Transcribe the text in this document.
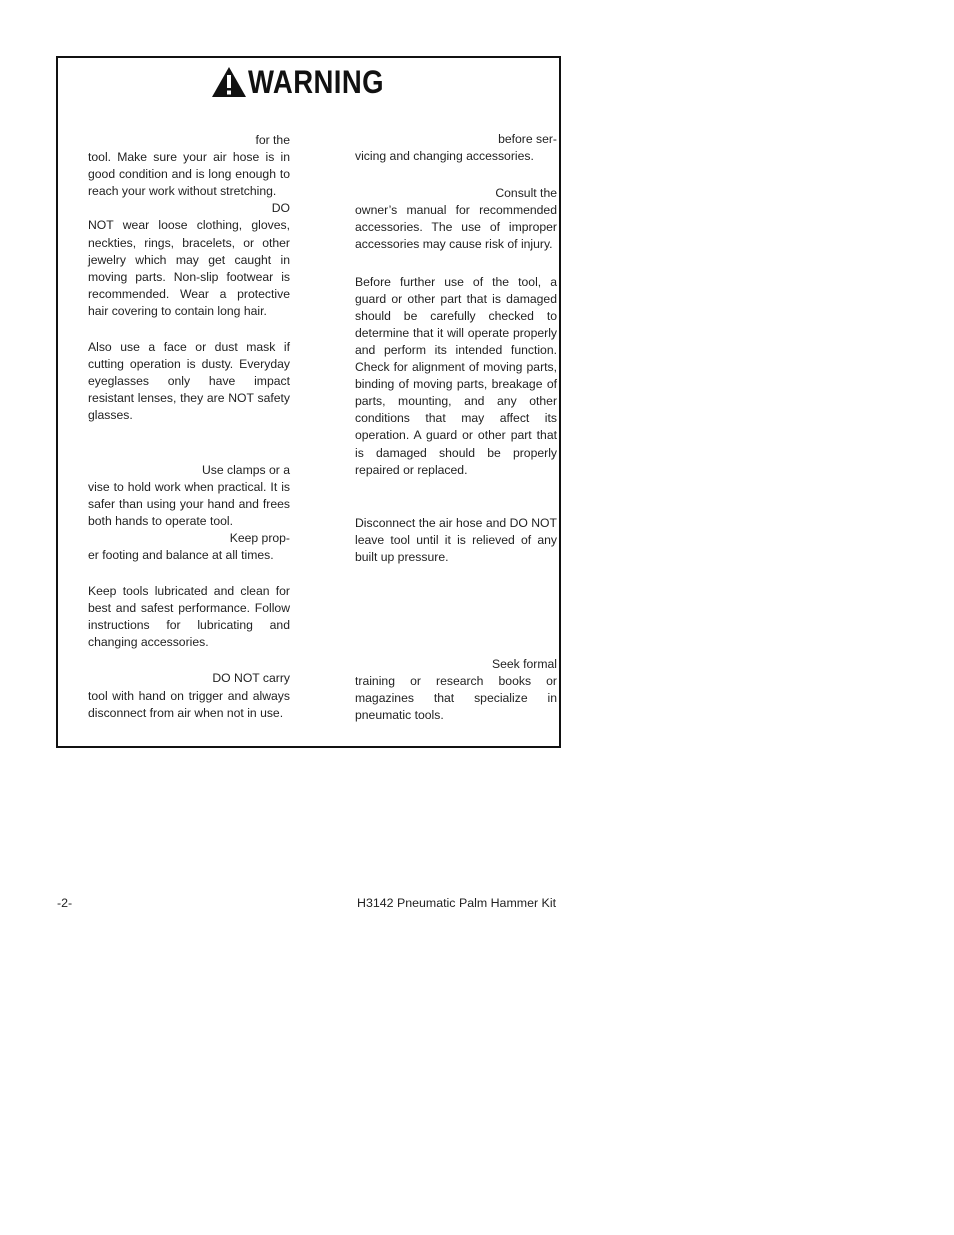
WARNING

for the

tool. Make sure your air hose is in good condition and is long enough to reach your work without stretching.

DO

NOT wear loose clothing, gloves, neckties, rings, bracelets, or other jewelry which may get caught in moving parts. Non-slip footwear is recommended. Wear a protective hair covering to contain long hair.

Also use a face or dust mask if cutting operation is dusty. Everyday eyeglasses only have impact resistant lenses, they are NOT safety glasses.

Use clamps or a

vise to hold work when practical. It is safer than using your hand and frees both hands to operate tool.

Keep prop-

er footing and balance at all times.

Keep tools lubricated and clean for best and safest performance. Follow instructions for lubricating and changing accessories.

DO NOT carry

tool with hand on trigger and always disconnect from air when not in use.

before ser-

vicing and changing accessories.

Consult the

owner’s manual for recommended accessories. The use of improper accessories may cause risk of injury.

Before further use of the tool, a guard or other part that is damaged should be carefully checked to determine that it will operate properly and perform its intended function. Check for alignment of moving parts, binding of moving parts, breakage of parts, mounting, and any other conditions that may affect its operation. A guard or other part that is damaged should be properly repaired or replaced.

Disconnect the air hose and DO NOT leave tool until it is relieved of any built up pressure.

Seek formal

training or research books or magazines that specialize in pneumatic tools.

-2-	H3142 Pneumatic Palm Hammer Kit
